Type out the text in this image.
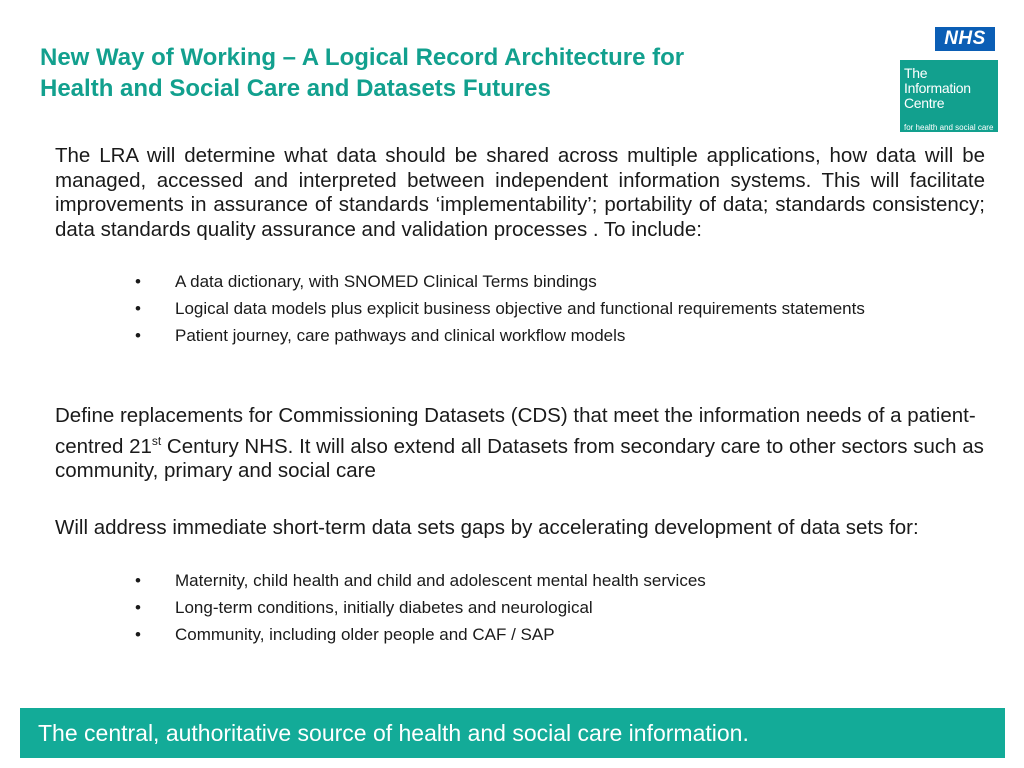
New Way of Working – A Logical Record Architecture for
Health and Social Care and Datasets Futures
NHS
The
Information
Centre
for health and social care

The LRA will determine what data should be shared across multiple applications, how data will be managed, accessed and interpreted between independent information systems. This will facilitate improvements in assurance of standards ‘implementability’; portability of data; standards consistency; data standards quality assurance and validation processes . To include:

• A data dictionary, with SNOMED Clinical Terms bindings
• Logical data models plus explicit business objective and functional requirements statements
• Patient journey, care pathways and clinical workflow models

Define replacements for Commissioning Datasets (CDS) that meet the information needs of a patient-centred 21st Century NHS. It will also extend all Datasets from secondary care to other sectors such as community, primary and social care

Will address immediate short-term data sets gaps by accelerating development of data sets for:

• Maternity, child health and child and adolescent mental health services
• Long-term conditions, initially diabetes and neurological
• Community, including older people and CAF / SAP
The central, authoritative source of health and social care information.
